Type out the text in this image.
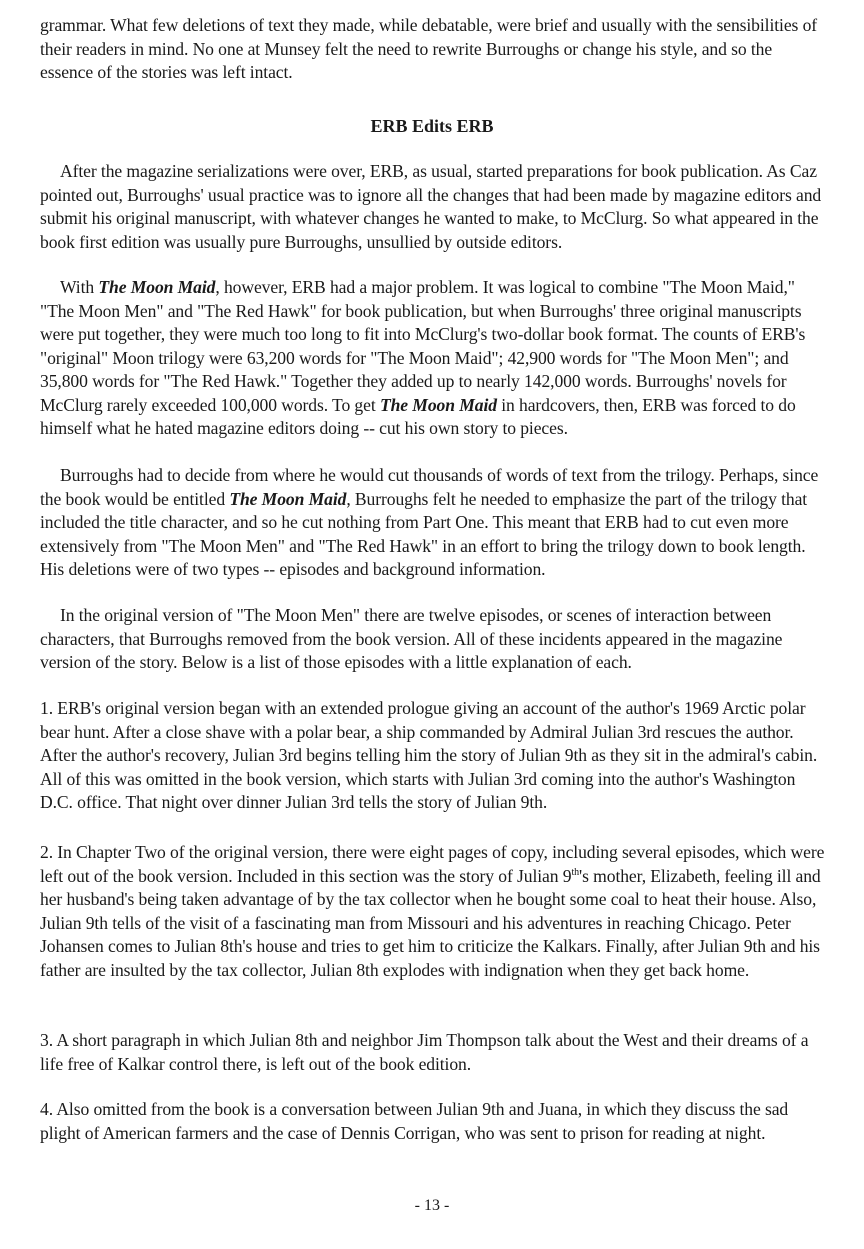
grammar. What few deletions of text they made, while debatable, were brief and usually with the sensibilities of their readers in mind. No one at Munsey felt the need to rewrite Burroughs or change his style, and so the essence of the stories was left intact.

ERB Edits ERB

After the magazine serializations were over, ERB, as usual, started preparations for book publication. As Caz pointed out, Burroughs' usual practice was to ignore all the changes that had been made by magazine editors and submit his original manuscript, with whatever changes he wanted to make, to McClurg. So what appeared in the book first edition was usually pure Burroughs, unsullied by outside editors.

With The Moon Maid, however, ERB had a major problem. It was logical to combine "The Moon Maid," "The Moon Men" and "The Red Hawk" for book publication, but when Burroughs' three original manuscripts were put together, they were much too long to fit into McClurg's two-dollar book format. The counts of ERB's "original" Moon trilogy were 63,200 words for "The Moon Maid"; 42,900 words for "The Moon Men"; and 35,800 words for "The Red Hawk." Together they added up to nearly 142,000 words. Burroughs' novels for McClurg rarely exceeded 100,000 words. To get The Moon Maid in hardcovers, then, ERB was forced to do himself what he hated magazine editors doing -- cut his own story to pieces.

Burroughs had to decide from where he would cut thousands of words of text from the trilogy. Perhaps, since the book would be entitled The Moon Maid, Burroughs felt he needed to emphasize the part of the trilogy that included the title character, and so he cut nothing from Part One. This meant that ERB had to cut even more extensively from "The Moon Men" and "The Red Hawk" in an effort to bring the trilogy down to book length. His deletions were of two types -- episodes and background information.

In the original version of "The Moon Men" there are twelve episodes, or scenes of interaction between characters, that Burroughs removed from the book version. All of these incidents appeared in the magazine version of the story. Below is a list of those episodes with a little explanation of each.

1. ERB's original version began with an extended prologue giving an account of the author's 1969 Arctic polar bear hunt. After a close shave with a polar bear, a ship commanded by Admiral Julian 3rd rescues the author. After the author's recovery, Julian 3rd begins telling him the story of Julian 9th as they sit in the admiral's cabin. All of this was omitted in the book version, which starts with Julian 3rd coming into the author's Washington D.C. office. That night over dinner Julian 3rd tells the story of Julian 9th.

2. In Chapter Two of the original version, there were eight pages of copy, including several episodes, which were left out of the book version. Included in this section was the story of Julian 9th's mother, Elizabeth, feeling ill and her husband's being taken advantage of by the tax collector when he bought some coal to heat their house. Also, Julian 9th tells of the visit of a fascinating man from Missouri and his adventures in reaching Chicago. Peter Johansen comes to Julian 8th's house and tries to get him to criticize the Kalkars. Finally, after Julian 9th and his father are insulted by the tax collector, Julian 8th explodes with indignation when they get back home.

3. A short paragraph in which Julian 8th and neighbor Jim Thompson talk about the West and their dreams of a life free of Kalkar control there, is left out of the book edition.

4. Also omitted from the book is a conversation between Julian 9th and Juana, in which they discuss the sad plight of American farmers and the case of Dennis Corrigan, who was sent to prison for reading at night.

- 13 -
